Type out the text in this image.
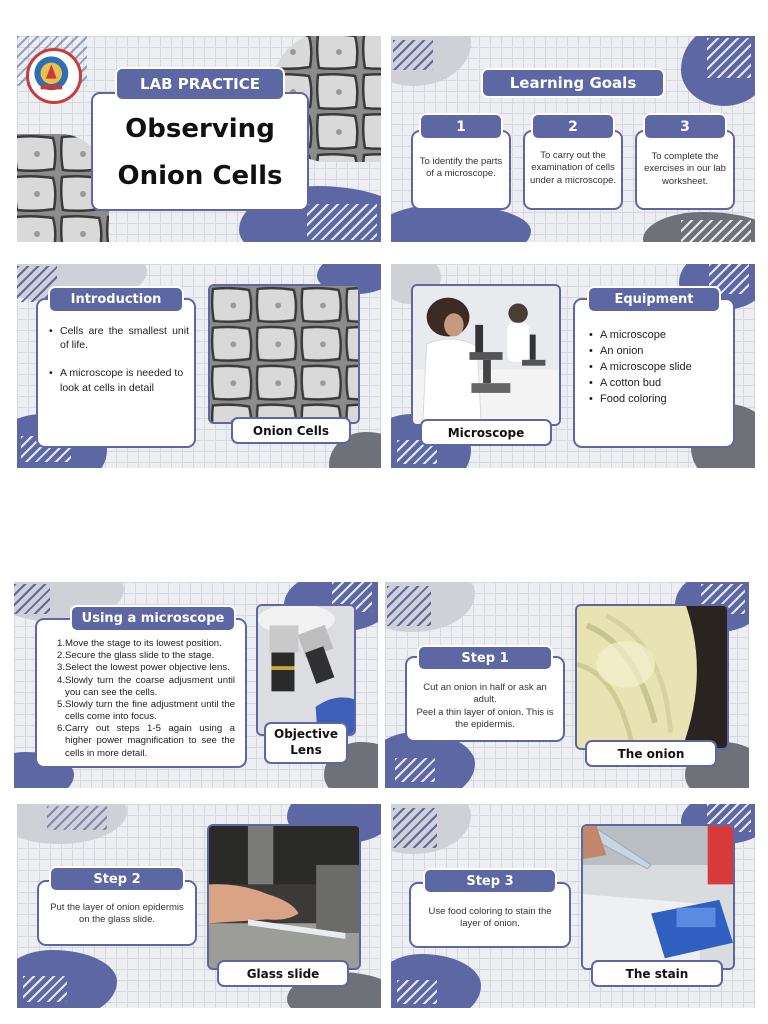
LAB PRACTICE
Observing
Onion Cells
Learning Goals
1
To identify the parts of a microscope.
2
To carry out the examination of cells under a microscope.
3
To complete the exercises in our lab worksheet.
Introduction
• Cells are the smallest unit of life.
• A microscope is needed to look at cells in detail
Onion Cells	Microscope
Equipment
• A microscope
• An onion
• A microscope slide
• A cotton bud
• Food coloring
Using a microscope
1. Move the stage to its lowest position.
2. Secure the glass slide to the stage.
3. Select the lowest power objective lens.
4. Slowly turn the coarse adjusment until you can see the cells.
5. Slowly turn the fine adjustment until the cells come into focus.
6. Carry out steps 1-5 again using a higher power magnification to see the cells in more detail.
Objective
Lens
Step 1
Cut an onion in half or ask an adult.
Peel a thin layer of onion. This is the epidermis.
The onion
Step 2
Put the layer of onion epidermis on the glass slide.
Glass slide
Step 3
Use food coloring to stain the layer of onion.
The stain
